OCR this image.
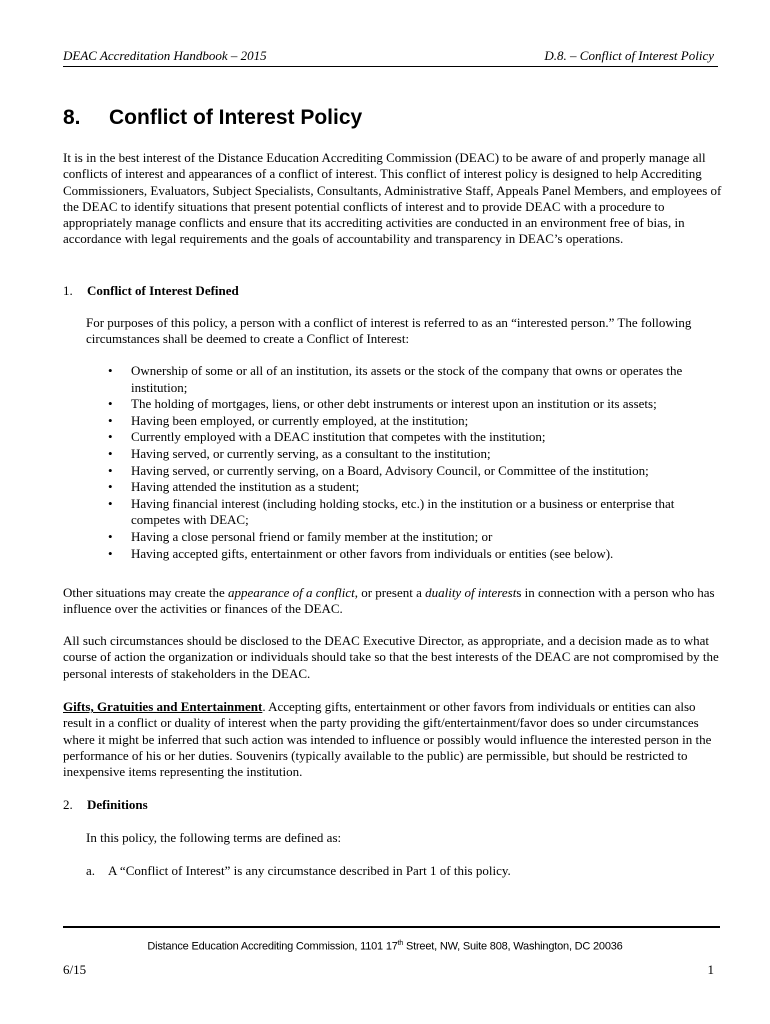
DEAC Accreditation Handbook – 2015	D.8. – Conflict of Interest Policy
8. Conflict of Interest Policy

It is in the best interest of the Distance Education Accrediting Commission (DEAC) to be aware of and properly manage all conflicts of interest and appearances of a conflict of interest. This conflict of interest policy is designed to help Accrediting Commissioners, Evaluators, Subject Specialists, Consultants, Administrative Staff, Appeals Panel Members, and employees of the DEAC to identify situations that present potential conflicts of interest and to provide DEAC with a procedure to appropriately manage conflicts and ensure that its accrediting activities are conducted in an environment free of bias, in accordance with legal requirements and the goals of accountability and transparency in DEAC’s operations.

1. Conflict of Interest Defined

For purposes of this policy, a person with a conflict of interest is referred to as an “interested person.” The following circumstances shall be deemed to create a Conflict of Interest:

• Ownership of some or all of an institution, its assets or the stock of the company that owns or operates the institution;
• The holding of mortgages, liens, or other debt instruments or interest upon an institution or its assets;
• Having been employed, or currently employed, at the institution;
• Currently employed with a DEAC institution that competes with the institution;
• Having served, or currently serving, as a consultant to the institution;
• Having served, or currently serving, on a Board, Advisory Council, or Committee of the institution;
• Having attended the institution as a student;
• Having financial interest (including holding stocks, etc.) in the institution or a business or enterprise that competes with DEAC;
• Having a close personal friend or family member at the institution; or
• Having accepted gifts, entertainment or other favors from individuals or entities (see below).

Other situations may create the appearance of a conflict, or present a duality of interests in connection with a person who has influence over the activities or finances of the DEAC.

All such circumstances should be disclosed to the DEAC Executive Director, as appropriate, and a decision made as to what course of action the organization or individuals should take so that the best interests of the DEAC are not compromised by the personal interests of stakeholders in the DEAC.

Gifts, Gratuities and Entertainment. Accepting gifts, entertainment or other favors from individuals or entities can also result in a conflict or duality of interest when the party providing the gift/entertainment/favor does so under circumstances where it might be inferred that such action was intended to influence or possibly would influence the interested person in the performance of his or her duties. Souvenirs (typically available to the public) are permissible, but should be restricted to inexpensive items representing the institution.

2. Definitions

In this policy, the following terms are defined as:

a. A “Conflict of Interest” is any circumstance described in Part 1 of this policy.

Distance Education Accrediting Commission, 1101 17th Street, NW, Suite 808, Washington, DC 20036
6/15	1
